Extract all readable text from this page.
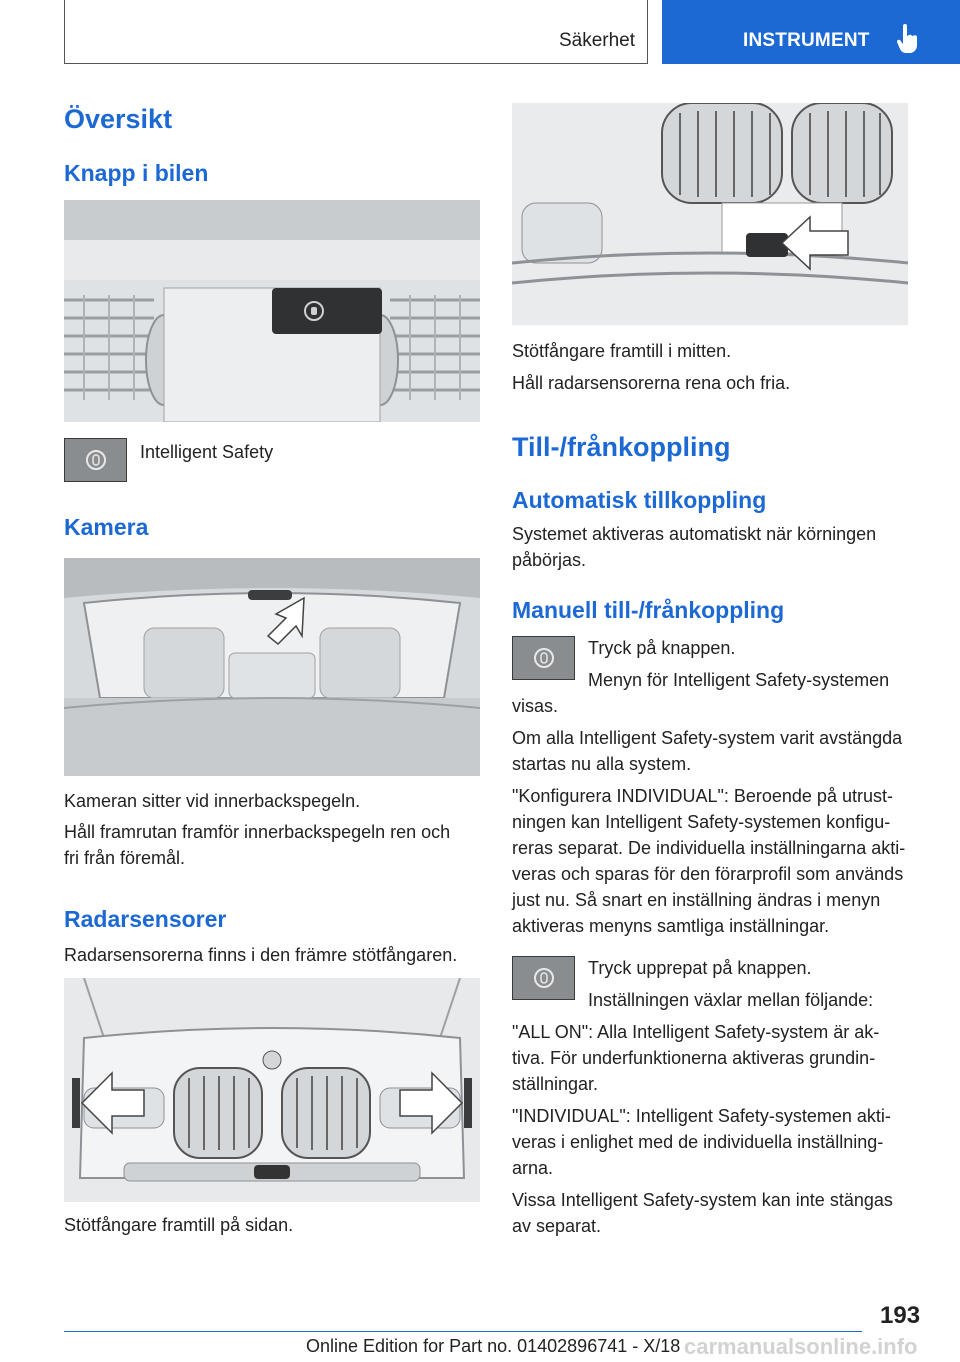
Säkerhet	INSTRUMENT
Översikt
Knapp i bilen
Intelligent Safety
Kamera
Kameran sitter vid innerbackspegeln.
Håll framrutan framför innerbackspegeln ren och
fri från föremål.
Radarsensorer
Radarsensorerna finns i den främre stötfångaren.
Stötfångare framtill på sidan.
Stötfångare framtill i mitten.
Håll radarsensorerna rena och fria.
Till-/frånkoppling
Automatisk tillkoppling
Systemet aktiveras automatiskt när körningen
påbörjas.
Manuell till-/frånkoppling
Tryck på knappen.
Menyn för Intelligent Safety-systemen
visas.
Om alla Intelligent Safety-system varit avstängda
startas nu alla system.
"Konfigurera INDIVIDUAL": Beroende på utrust-
ningen kan Intelligent Safety-systemen konfigu-
reras separat. De individuella inställningarna akti-
veras och sparas för den förarprofil som används
just nu. Så snart en inställning ändras i menyn
aktiveras menyns samtliga inställningar.
Tryck upprepat på knappen.
Inställningen växlar mellan följande:
"ALL ON": Alla Intelligent Safety-system är ak-
tiva. För underfunktionerna aktiveras grundin-
ställningar.
"INDIVIDUAL": Intelligent Safety-systemen akti-
veras i enlighet med de individuella inställning-
arna.
Vissa Intelligent Safety-system kan inte stängas
av separat.
193
Online Edition for Part no. 01402896741 - X/18 carmanualsonline.info
